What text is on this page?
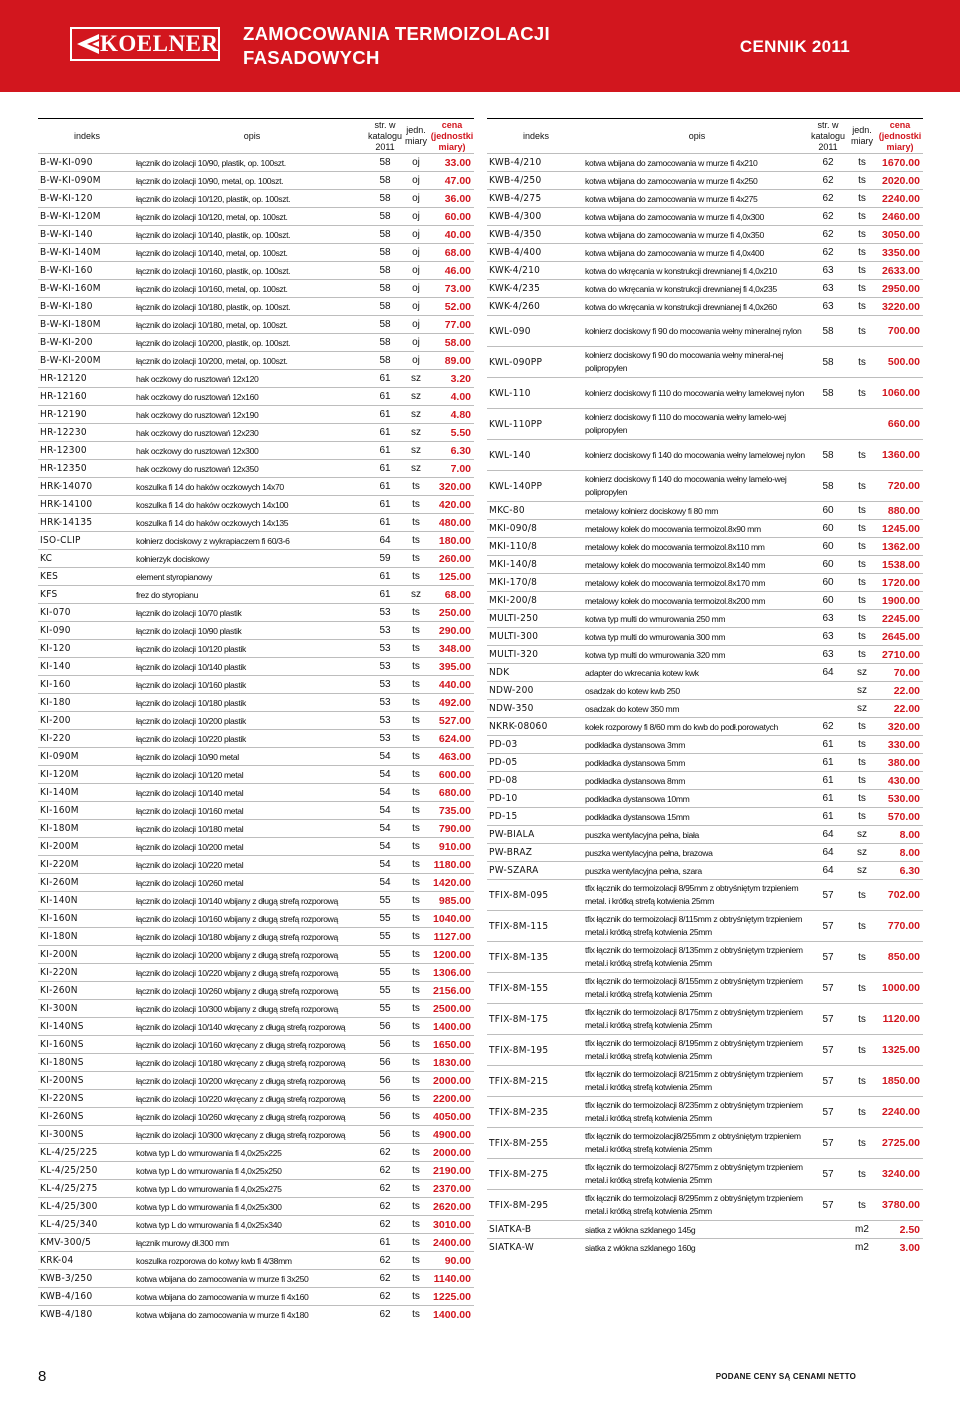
KOELNER ZAMOCOWANIA TERMOIZOLACJI
FASADOWYCH
CENNIK 2011
indeks	opis	str. w katalogu 2011	jedn. miary	cena (jednostki miary)
B-W-KI-090	łącznik do izolacji 10/90, plastik, op. 100szt.	58	oj	33.00
B-W-KI-090M	łącznik do izolacji 10/90, metal, op. 100szt.	58	oj	47.00
B-W-KI-120	łącznik do izolacji 10/120, plastik, op. 100szt.	58	oj	36.00
B-W-KI-120M	łącznik do izolacji 10/120, metal, op. 100szt.	58	oj	60.00
B-W-KI-140	łącznik do izolacji 10/140, plastik, op. 100szt.	58	oj	40.00
B-W-KI-140M	łącznik do izolacji 10/140, metal, op. 100szt.	58	oj	68.00
B-W-KI-160	łącznik do izolacji 10/160, plastik, op. 100szt.	58	oj	46.00
B-W-KI-160M	łącznik do izolacji 10/160, metal, op. 100szt.	58	oj	73.00
B-W-KI-180	łącznik do izolacji 10/180, plastik, op. 100szt.	58	oj	52.00
B-W-KI-180M	łącznik do izolacji 10/180, metal, op. 100szt.	58	oj	77.00
B-W-KI-200	łącznik do izolacji 10/200, plastik, op. 100szt.	58	oj	58.00
B-W-KI-200M	łącznik do izolacji 10/200, metal, op. 100szt.	58	oj	89.00
HR-12120	hak oczkowy do rusztowań 12x120	61	sz	3.20
HR-12160	hak oczkowy do rusztowań 12x160	61	sz	4.00
HR-12190	hak oczkowy do rusztowań 12x190	61	sz	4.80
HR-12230	hak oczkowy do rusztowań 12x230	61	sz	5.50
HR-12300	hak oczkowy do rusztowań 12x300	61	sz	6.30
HR-12350	hak oczkowy do rusztowań 12x350	61	sz	7.00
HRK-14070	koszulka fi 14 do haków oczkowych 14x70	61	ts	320.00
HRK-14100	koszulka fi 14 do haków oczkowych 14x100	61	ts	420.00
HRK-14135	koszulka fi 14 do haków oczkowych 14x135	61	ts	480.00
ISO-CLIP	kołnierz dociskowy z wykrapiaczem fi 60/3-6	64	ts	180.00
KC	kołnierzyk dociskowy	59	ts	260.00
KES	element styropianowy	61	ts	125.00
KFS	frez do styropianu	61	sz	68.00
KI-070	łącznik do izolacji 10/70 plastik	53	ts	250.00
KI-090	łącznik do izolacji 10/90 plastik	53	ts	290.00
KI-120	łącznik do izolacji 10/120 plastik	53	ts	348.00
KI-140	łącznik do izolacji 10/140 plastik	53	ts	395.00
KI-160	łącznik do izolacji 10/160 plastik	53	ts	440.00
KI-180	łącznik do izolacji 10/180 plastik	53	ts	492.00
KI-200	łącznik do izolacji 10/200 plastik	53	ts	527.00
KI-220	łącznik do izolacji 10/220 plastik	53	ts	624.00
KI-090M	łącznik do izolacji 10/90 metal	54	ts	463.00
KI-120M	łącznik do izolacji 10/120 metal	54	ts	600.00
KI-140M	łącznik do izolacji 10/140 metal	54	ts	680.00
KI-160M	łącznik do izolacji 10/160 metal	54	ts	735.00
KI-180M	łącznik do izolacji 10/180 metal	54	ts	790.00
KI-200M	łącznik do izolacji 10/200 metal	54	ts	910.00
KI-220M	łącznik do izolacji 10/220 metal	54	ts	1180.00
KI-260M	łącznik do izolacji 10/260 metal	54	ts	1420.00
KI-140N	łącznik do izolacji 10/140 wbijany z długą strefą rozporową	55	ts	985.00
KI-160N	łącznik do izolacji 10/160 wbijany z długą strefą rozporową	55	ts	1040.00
KI-180N	łącznik do izolacji 10/180 wbijany z długą strefą rozporową	55	ts	1127.00
KI-200N	łącznik do izolacji 10/200 wbijany z długą strefą rozporową	55	ts	1200.00
KI-220N	łącznik do izolacji 10/220 wbijany z długą strefą rozporową	55	ts	1306.00
KI-260N	łącznik do izolacji 10/260 wbijany z długą strefą rozporową	55	ts	2156.00
KI-300N	łącznik do izolacji 10/300 wbijany z długą strefą rozporową	55	ts	2500.00
KI-140NS	łącznik do izolacji 10/140 wkręcany z długą strefą rozporową	56	ts	1400.00
KI-160NS	łącznik do izolacji 10/160 wkręcany z długą strefą rozporową	56	ts	1650.00
KI-180NS	łącznik do izolacji 10/180 wkręcany z długą strefą rozporową	56	ts	1830.00
KI-200NS	łącznik do izolacji 10/200 wkręcany z długą strefą rozporową	56	ts	2000.00
KI-220NS	łącznik do izolacji 10/220 wkręcany z długą strefą rozporową	56	ts	2200.00
KI-260NS	łącznik do izolacji 10/260 wkręcany z długą strefą rozporową	56	ts	4050.00
KI-300NS	łącznik do izolacji 10/300 wkręcany z długą strefą rozporową	56	ts	4900.00
KL-4/25/225	kotwa typ L do wmurowania fi 4,0x25x225	62	ts	2000.00
KL-4/25/250	kotwa typ L do wmurowania fi 4,0x25x250	62	ts	2190.00
KL-4/25/275	kotwa typ L do wmurowania fi 4,0x25x275	62	ts	2370.00
KL-4/25/300	kotwa typ L do wmurowania fi 4,0x25x300	62	ts	2620.00
KL-4/25/340	kotwa typ L do wmurowania fi 4,0x25x340	62	ts	3010.00
KMV-300/5	łącznik murowy dł.300 mm	61	ts	2400.00
KRK-04	koszulka rozporowa do kotwy kwb fi 4/38mm	62	ts	90.00
KWB-3/250	kotwa wbijana do zamocowania w murze fi 3x250	62	ts	1140.00
KWB-4/160	kotwa wbijana do zamocowania w murze fi 4x160	62	ts	1225.00
KWB-4/180	kotwa wbijana do zamocowania w murze fi 4x180	62	ts	1400.00
indeks	opis	str. w katalogu 2011	jedn. miary	cena (jednostki miary)
KWB-4/210	kotwa wbijana do zamocowania w murze fi 4x210	62	ts	1670.00
KWB-4/250	kotwa wbijana do zamocowania w murze fi 4x250	62	ts	2020.00
KWB-4/275	kotwa wbijana do zamocowania w murze fi 4x275	62	ts	2240.00
KWB-4/300	kotwa wbijana do zamocowania w murze fi 4,0x300	62	ts	2460.00
KWB-4/350	kotwa wbijana do zamocowania w murze fi 4,0x350	62	ts	3050.00
KWB-4/400	kotwa wbijana do zamocowania w murze fi 4,0x400	62	ts	3350.00
KWK-4/210	kotwa do wkręcania w konstrukcji drewnianej fi 4,0x210	63	ts	2633.00
KWK-4/235	kotwa do wkręcania w konstrukcji drewnianej fi 4,0x235	63	ts	2950.00
KWK-4/260	kotwa do wkręcania w konstrukcji drewnianej fi 4,0x260	63	ts	3220.00
KWL-090	kołnierz dociskowy fi 90 do mocowania wełny mineralnej nylon	58	ts	700.00
KWL-090PP	kołnierz dociskowy fi 90 do mocowania wełny mineral-nej polipropylen	58	ts	500.00
KWL-110	kołnierz dociskowy fi 110 do mocowania wełny lamelowej nylon	58	ts	1060.00
KWL-110PP	kołnierz dociskowy fi 110 do mocowania wełny lamelo-wej polipropylen			660.00
KWL-140	kołnierz dociskowy fi 140 do mocowania wełny lamelowej nylon	58	ts	1360.00
KWL-140PP	kołnierz dociskowy fi 140 do mocowania wełny lamelo-wej polipropylen	58	ts	720.00
MKC-80	metalowy kołnierz dociskowy fi 80 mm	60	ts	880.00
MKI-090/8	metalowy kołek do mocowania termoizol.8x90 mm	60	ts	1245.00
MKI-110/8	metalowy kołek do mocowania termoizol.8x110 mm	60	ts	1362.00
MKI-140/8	metalowy kołek do mocowania termoizol.8x140 mm	60	ts	1538.00
MKI-170/8	metalowy kołek do mocowania termoizol.8x170 mm	60	ts	1720.00
MKI-200/8	metalowy kołek do mocowania termoizol.8x200 mm	60	ts	1900.00
MULTI-250	kotwa typ multi do wmurowania 250 mm	63	ts	2245.00
MULTI-300	kotwa typ multi do wmurowania 300 mm	63	ts	2645.00
MULTI-320	kotwa typ multi do wmurowania 320 mm	63	ts	2710.00
NDK	adapter do wkrecania kotew kwk	64	sz	70.00
NDW-200	osadzak do kotew kwb 250		sz	22.00
NDW-350	osadzak do kotew 350 mm		sz	22.00
NKRK-08060	kołek rozporowy fi 8/60 mm do kwb do podł.porowatych	62	ts	320.00
PD-03	podkładka dystansowa 3mm	61	ts	330.00
PD-05	podkładka dystansowa 5mm	61	ts	380.00
PD-08	podkładka dystansowa 8mm	61	ts	430.00
PD-10	podkładka dystansowa 10mm	61	ts	530.00
PD-15	podkładka dystansowa 15mm	61	ts	570.00
PW-BIALA	puszka wentylacyjna pełna, biała	64	sz	8.00
PW-BRAZ	puszka wentylacyjna pełna, brazowa	64	sz	8.00
PW-SZARA	puszka wentylacyjna pełna, szara	64	sz	6.30
TFIX-8M-095	tfix łącznik do termoizolacji 8/95mm z obtryśniętym trzpieniem metal. i krótką strefą kotwienia 25mm	57	ts	702.00
TFIX-8M-115	tfix łącznik do termoizolacji 8/115mm z obtryśniętym trzpieniem metal.i krótką strefą kotwienia 25mm	57	ts	770.00
TFIX-8M-135	tfix łącznik do termoizolacji 8/135mm z obtryśniętym trzpieniem metal.i krótką strefą kotwienia 25mm	57	ts	850.00
TFIX-8M-155	tfix łącznik do termoizolacji 8/155mm z obtryśniętym trzpieniem metal.i krótką strefą kotwienia 25mm	57	ts	1000.00
TFIX-8M-175	tfix łącznik do termoizolacji 8/175mm z obtryśniętym trzpieniem metal.i krótką strefą kotwienia 25mm	57	ts	1120.00
TFIX-8M-195	tfix łącznik do termoizolacji 8/195mm z obtryśniętym trzpieniem metal.i krótką strefą kotwienia 25mm	57	ts	1325.00
TFIX-8M-215	tfix łącznik do termoizolacji 8/215mm z obtryśniętym trzpieniem metal.i krótką strefą kotwienia 25mm	57	ts	1850.00
TFIX-8M-235	tfix łącznik do termoizolacji 8/235mm z obtryśniętym trzpieniem metal.i krótką strefą kotwienia 25mm	57	ts	2240.00
TFIX-8M-255	tfix łącznik do termoizolacji8/255mm z obtryśniętym trzpieniem metal.i krótką strefą kotwienia 25mm	57	ts	2725.00
TFIX-8M-275	tfix łącznik do termoizolacji 8/275mm z obtryśniętym trzpieniem metal.i krótką strefą kotwienia 25mm	57	ts	3240.00
TFIX-8M-295	tfix łącznik do termoizolacji 8/295mm z obtryśniętym trzpieniem metal.i krótką strefą kotwienia 25mm	57	ts	3780.00
SIATKA-B	siatka z włókna szklanego 145g		m2	2.50
SIATKA-W	siatka z włókna szklanego 160g		m2	3.00
8	PODANE CENY SĄ CENAMI NETTO
